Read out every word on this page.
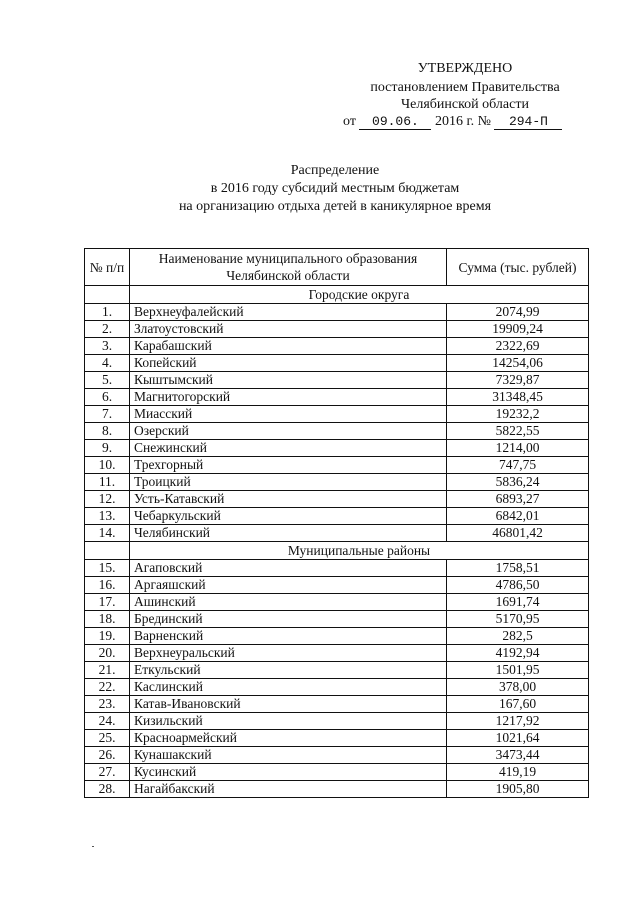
УТВЕРЖДЕНО
постановлением Правительства
Челябинской области
от 09.06. 2016 г. № 294-П
Распределение
в 2016 году субсидий местным бюджетам
на организацию отдыха детей в каникулярное время
№ п/п	Наименование муниципального образования Челябинской области	Сумма (тыс. рублей)
	Городские округа	
1.	Верхнеуфалейский	2074,99
2.	Златоустовский	19909,24
3.	Карабашский	2322,69
4.	Копейский	14254,06
5.	Кыштымский	7329,87
6.	Магнитогорский	31348,45
7.	Миасский	19232,2
8.	Озерский	5822,55
9.	Снежинский	1214,00
10.	Трехгорный	747,75
11.	Троицкий	5836,24
12.	Усть-Катавский	6893,27
13.	Чебаркульский	6842,01
14.	Челябинский	46801,42
	Муниципальные районы	
15.	Агаповский	1758,51
16.	Аргаяшский	4786,50
17.	Ашинский	1691,74
18.	Брединский	5170,95
19.	Варненский	282,5
20.	Верхнеуральский	4192,94
21.	Еткульский	1501,95
22.	Каслинский	378,00
23.	Катав-Ивановский	167,60
24.	Кизильский	1217,92
25.	Красноармейский	1021,64
26.	Кунашакский	3473,44
27.	Кусинский	419,19
28.	Нагайбакский	1905,80
